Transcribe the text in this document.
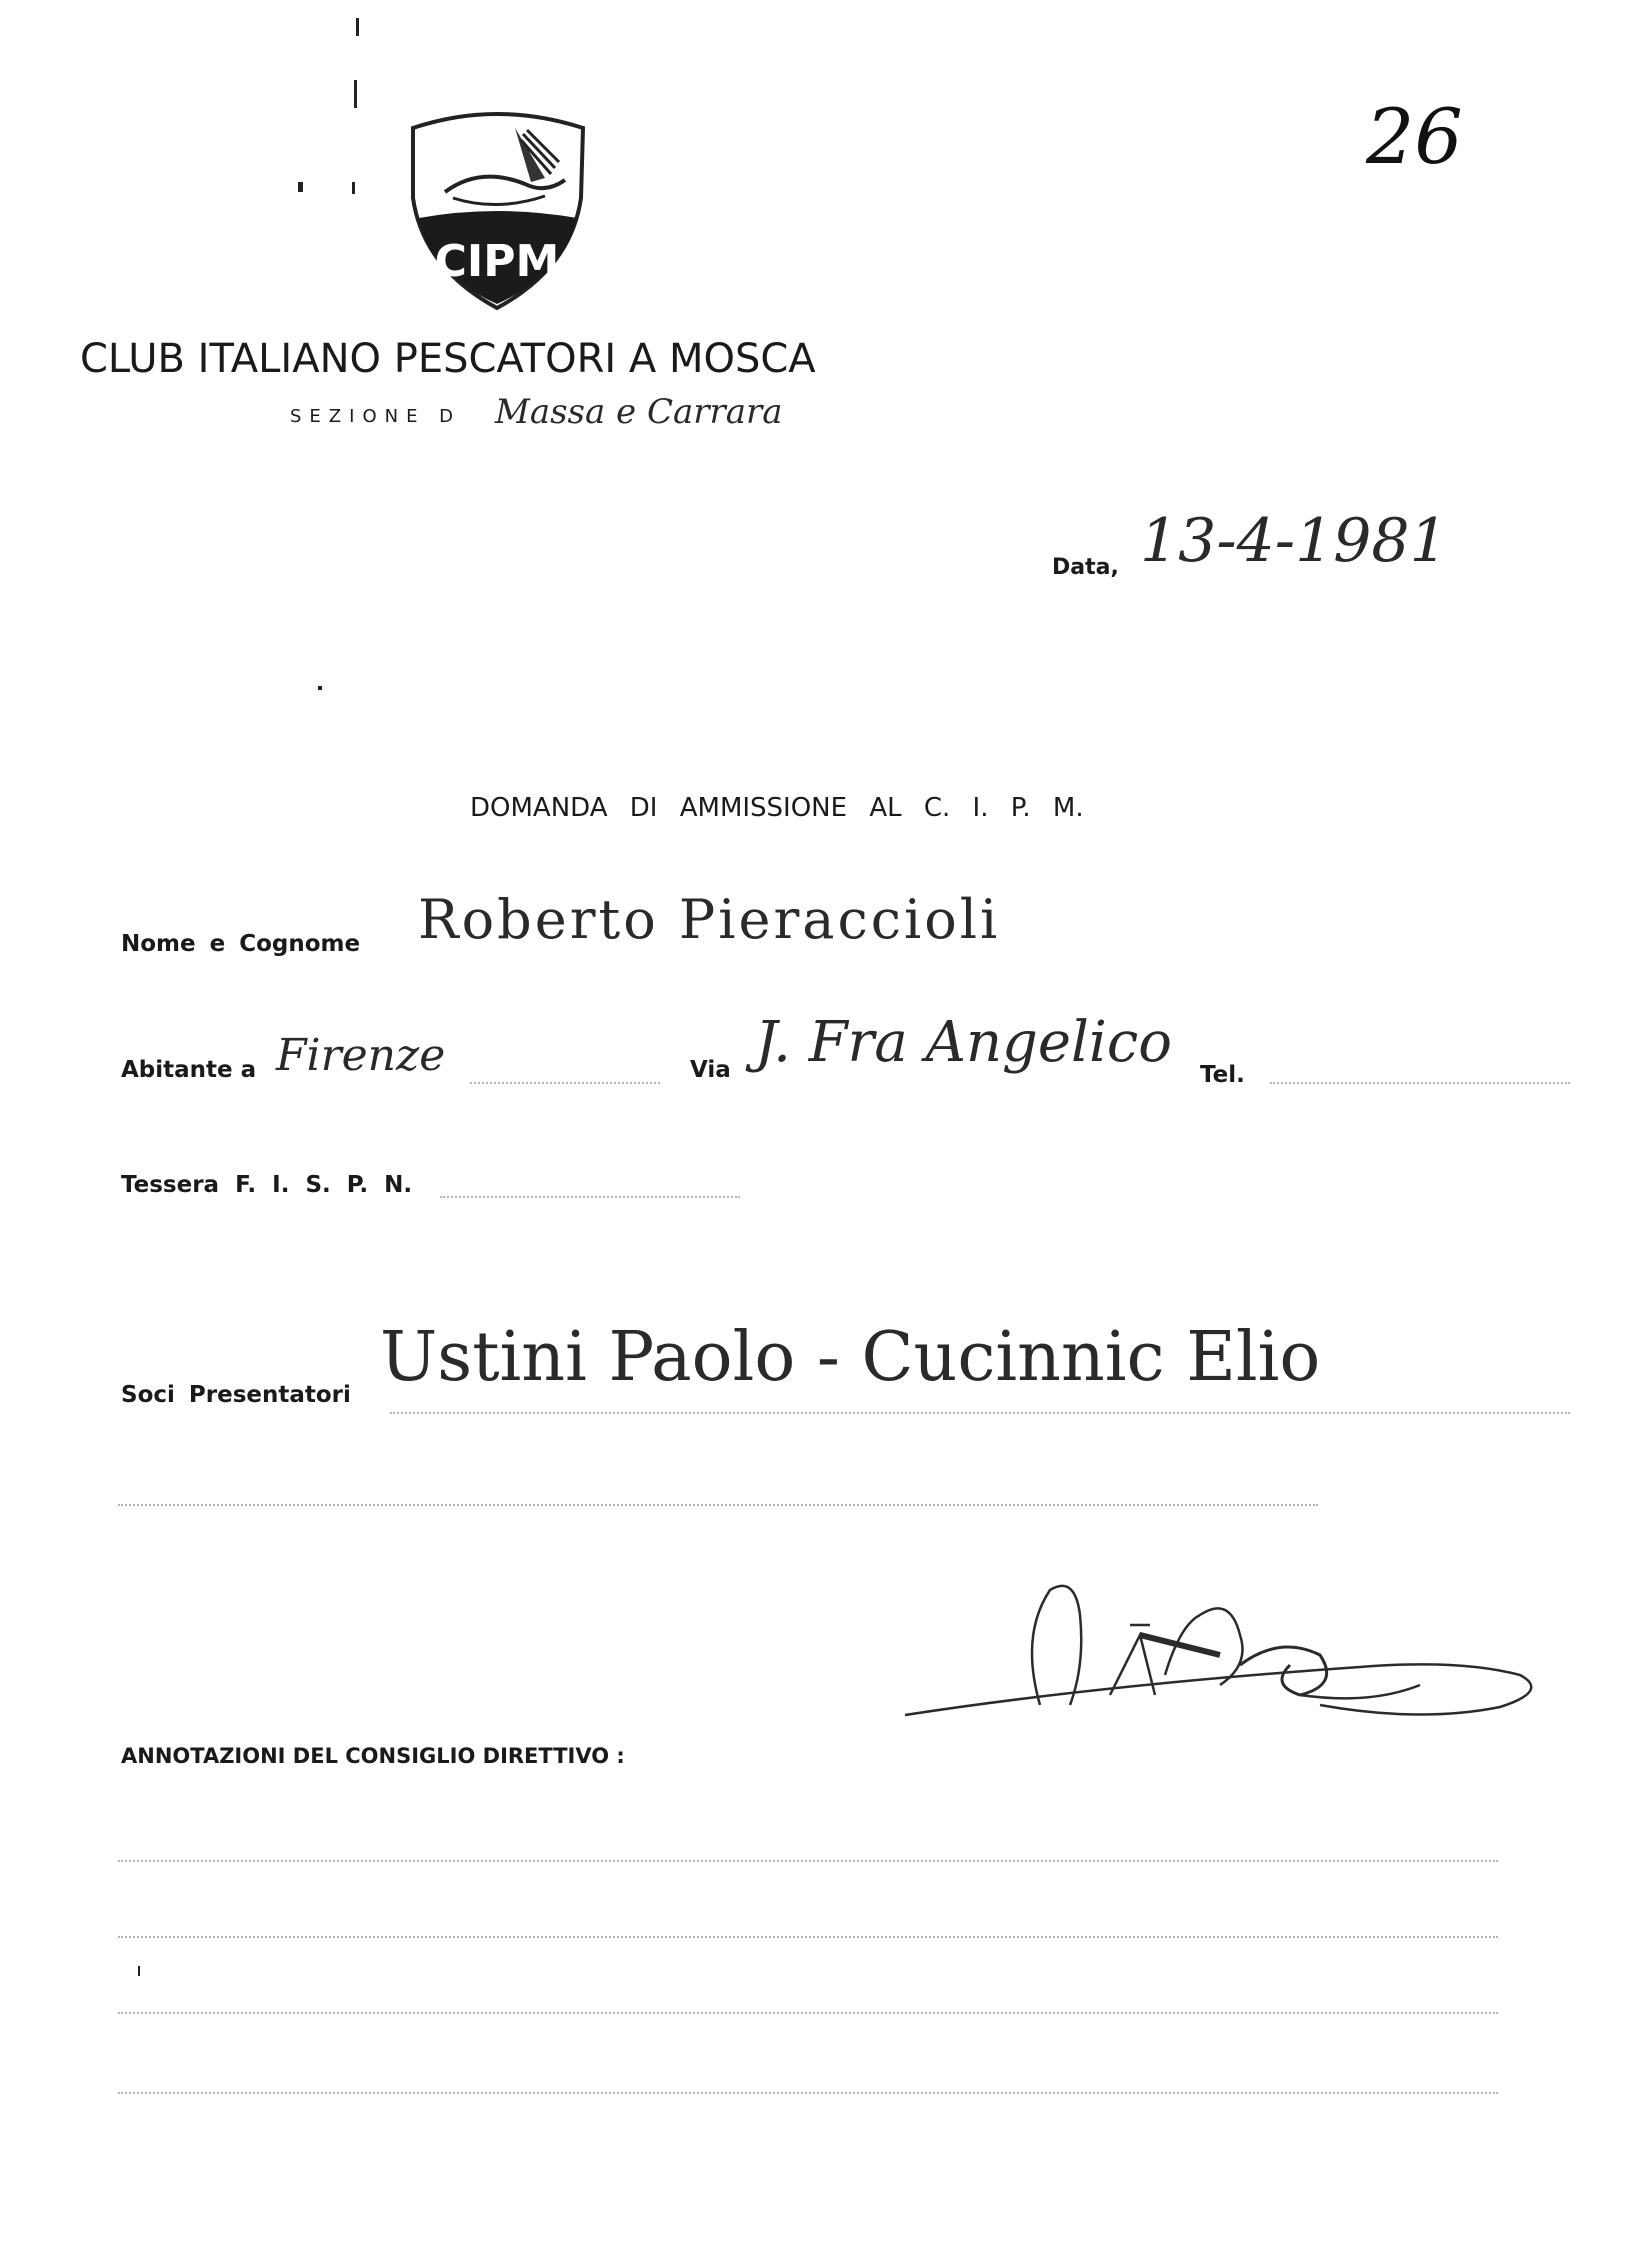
26
CIPM
CLUB ITALIANO PESCATORI A MOSCA
SEZIONE D Massa e Carrara
Data, 13-4-1981
DOMANDA DI AMMISSIONE AL C. I. P. M.
Nome e Cognome Roberto Pieraccioli
Abitante a Firenze	Via J. Fra Angelico Tel.
Tessera F. I. S. P. N.
Soci Presentatori Ustini Paolo - Cucinnic Elio
ANNOTAZIONI DEL CONSIGLIO DIRETTIVO :
